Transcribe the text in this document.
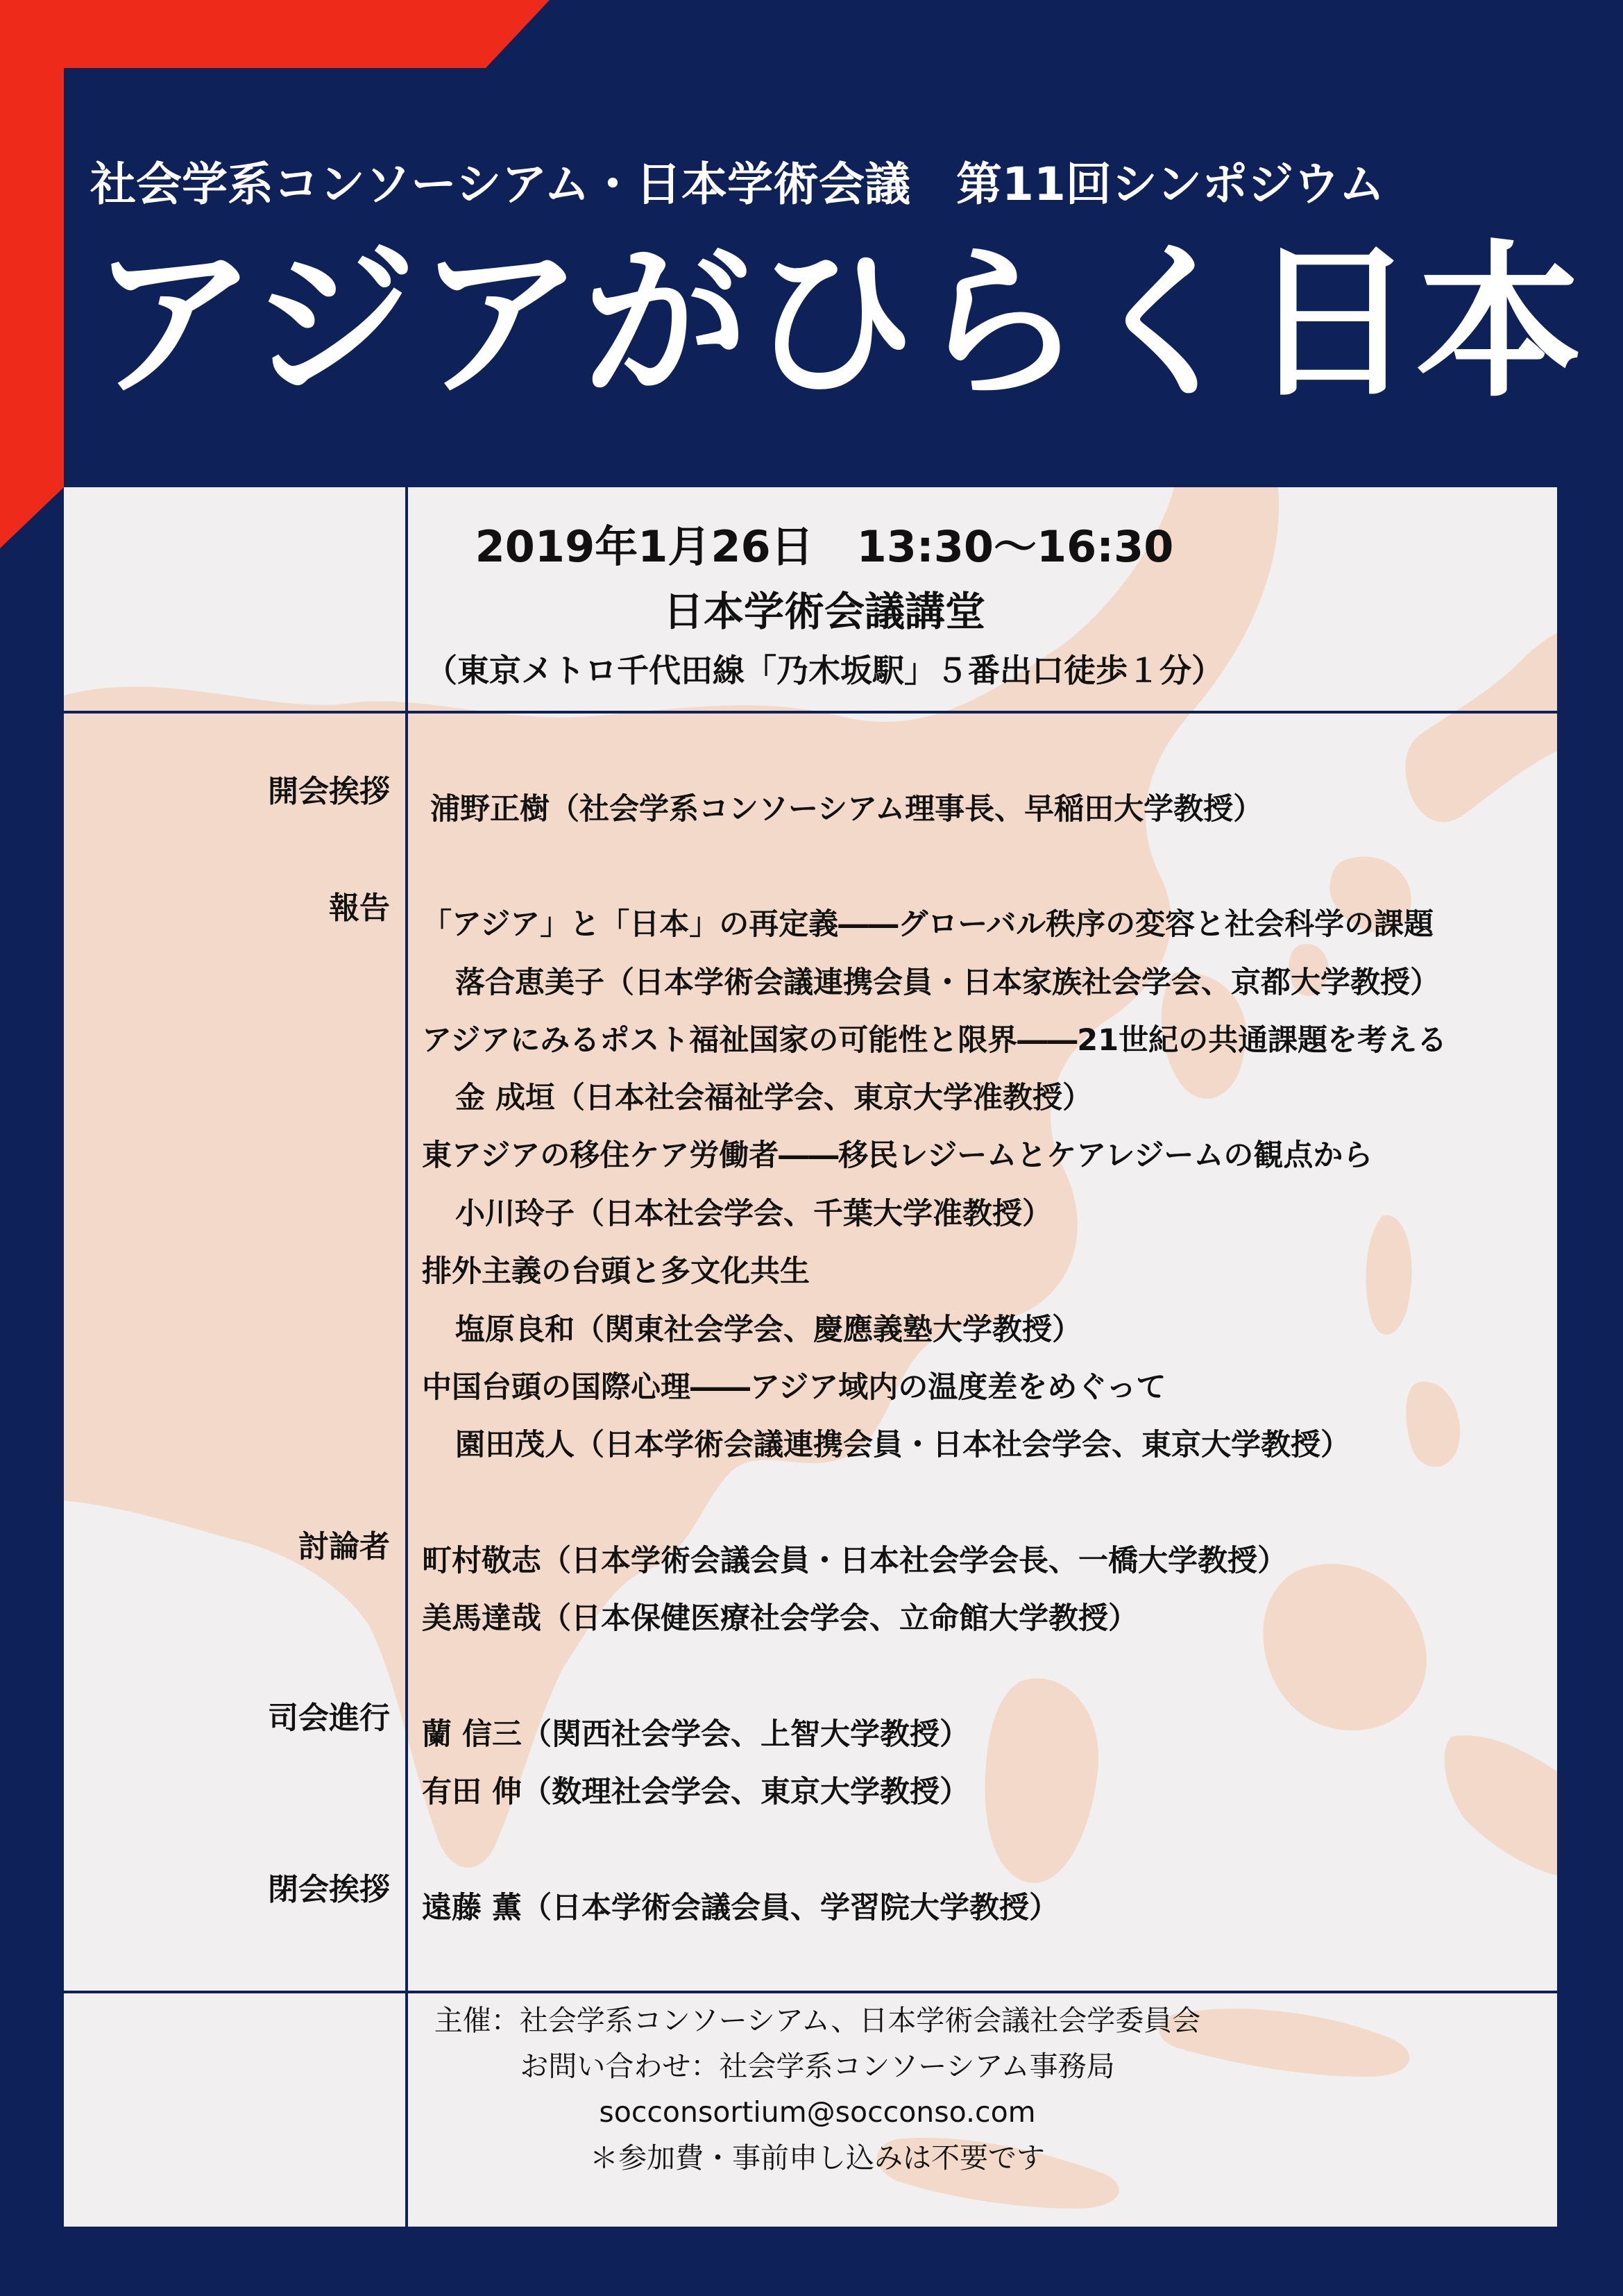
社会学系コンソーシアム・日本学術会議　第11回シンポジウム
アジアがひらく日本
2019年1月26日　13:30〜16:30
日本学術会議講堂
（東京メトロ千代田線「乃木坂駅」５番出口徒歩１分）
開会挨拶 浦野正樹（社会学系コンソーシアム理事長、早稲田大学教授）
報告 「アジア」と「日本」の再定義――グローバル秩序の変容と社会科学の課題
落合恵美子（日本学術会議連携会員・日本家族社会学会、京都大学教授）
アジアにみるポスト福祉国家の可能性と限界――21世紀の共通課題を考える
金 成垣（日本社会福祉学会、東京大学准教授）
東アジアの移住ケア労働者――移民レジームとケアレジームの観点から
小川玲子（日本社会学会、千葉大学准教授）
排外主義の台頭と多文化共生
塩原良和（関東社会学会、慶應義塾大学教授）
中国台頭の国際心理――アジア域内の温度差をめぐって
園田茂人（日本学術会議連携会員・日本社会学会、東京大学教授）
討論者 町村敬志（日本学術会議会員・日本社会学会長、一橋大学教授）
美馬達哉（日本保健医療社会学会、立命館大学教授）
司会進行 蘭 信三（関西社会学会、上智大学教授）
有田 伸（数理社会学会、東京大学教授）
閉会挨拶
遠藤 薫（日本学術会議会員、学習院大学教授）
主催：社会学系コンソーシアム、日本学術会議社会学委員会
お問い合わせ：社会学系コンソーシアム事務局
socconsortium@socconso.com
＊参加費・事前申し込みは不要です
